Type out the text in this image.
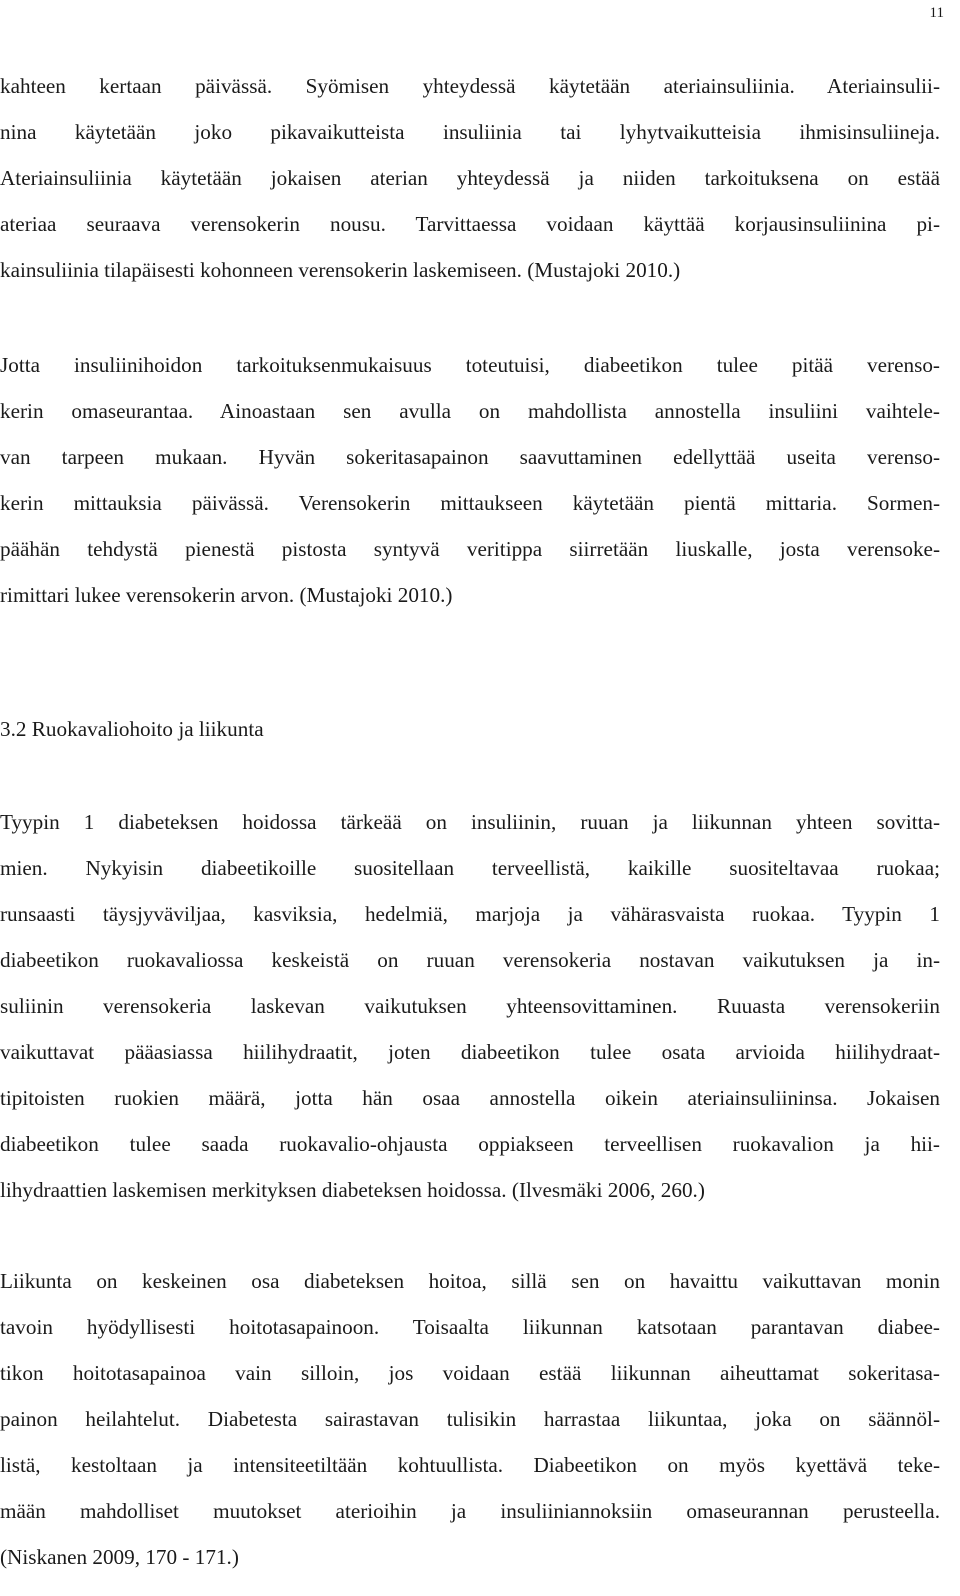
11
kahteen kertaan päivässä. Syömisen yhteydessä käytetään ateriainsuliinia. Ateriainsulii-
nina käytetään joko pikavaikutteista insuliinia tai lyhytvaikutteisia ihmisinsuliineja.
Ateriainsuliinia käytetään jokaisen aterian yhteydessä ja niiden tarkoituksena on estää
ateriaa seuraava verensokerin nousu. Tarvittaessa voidaan käyttää korjausinsuliinina pi-
kainsuliinia tilapäisesti kohonneen verensokerin laskemiseen. (Mustajoki 2010.)
Jotta insuliinihoidon tarkoituksenmukaisuus toteutuisi, diabeetikon tulee pitää verenso-
kerin omaseurantaa. Ainoastaan sen avulla on mahdollista annostella insuliini vaihtele-
van tarpeen mukaan. Hyvän sokeritasapainon saavuttaminen edellyttää useita verenso-
kerin mittauksia päivässä. Verensokerin mittaukseen käytetään pientä mittaria. Sormen-
päähän tehdystä pienestä pistosta syntyvä veritippa siirretään liuskalle, josta verensoke-
rimittari lukee verensokerin arvon. (Mustajoki 2010.)
3.2 Ruokavaliohoito ja liikunta
Tyypin 1 diabeteksen hoidossa tärkeää on insuliinin, ruuan ja liikunnan yhteen sovitta-
mien. Nykyisin diabeetikoille suositellaan terveellistä, kaikille suositeltavaa ruokaa;
runsaasti täysjyväviljaa, kasviksia, hedelmiä, marjoja ja vähärasvaista ruokaa. Tyypin 1
diabeetikon ruokavaliossa keskeistä on ruuan verensokeria nostavan vaikutuksen ja in-
suliinin verensokeria laskevan vaikutuksen yhteensovittaminen. Ruuasta verensokeriin
vaikuttavat pääasiassa hiilihydraatit, joten diabeetikon tulee osata arvioida hiilihydraat-
tipitoisten ruokien määrä, jotta hän osaa annostella oikein ateriainsuliininsa. Jokaisen
diabeetikon tulee saada ruokavalio-ohjausta oppiakseen terveellisen ruokavalion ja hii-
lihydraattien laskemisen merkityksen diabeteksen hoidossa. (Ilvesmäki 2006, 260.)
Liikunta on keskeinen osa diabeteksen hoitoa, sillä sen on havaittu vaikuttavan monin
tavoin hyödyllisesti hoitotasapainoon. Toisaalta liikunnan katsotaan parantavan diabee-
tikon hoitotasapainoa vain silloin, jos voidaan estää liikunnan aiheuttamat sokeritasa-
painon heilahtelut. Diabetesta sairastavan tulisikin harrastaa liikuntaa, joka on säännöl-
listä, kestoltaan ja intensiteetiltään kohtuullista. Diabeetikon on myös kyettävä teke-
mään mahdolliset muutokset aterioihin ja insuliiniannoksiin omaseurannan perusteella.
(Niskanen 2009, 170 - 171.)
